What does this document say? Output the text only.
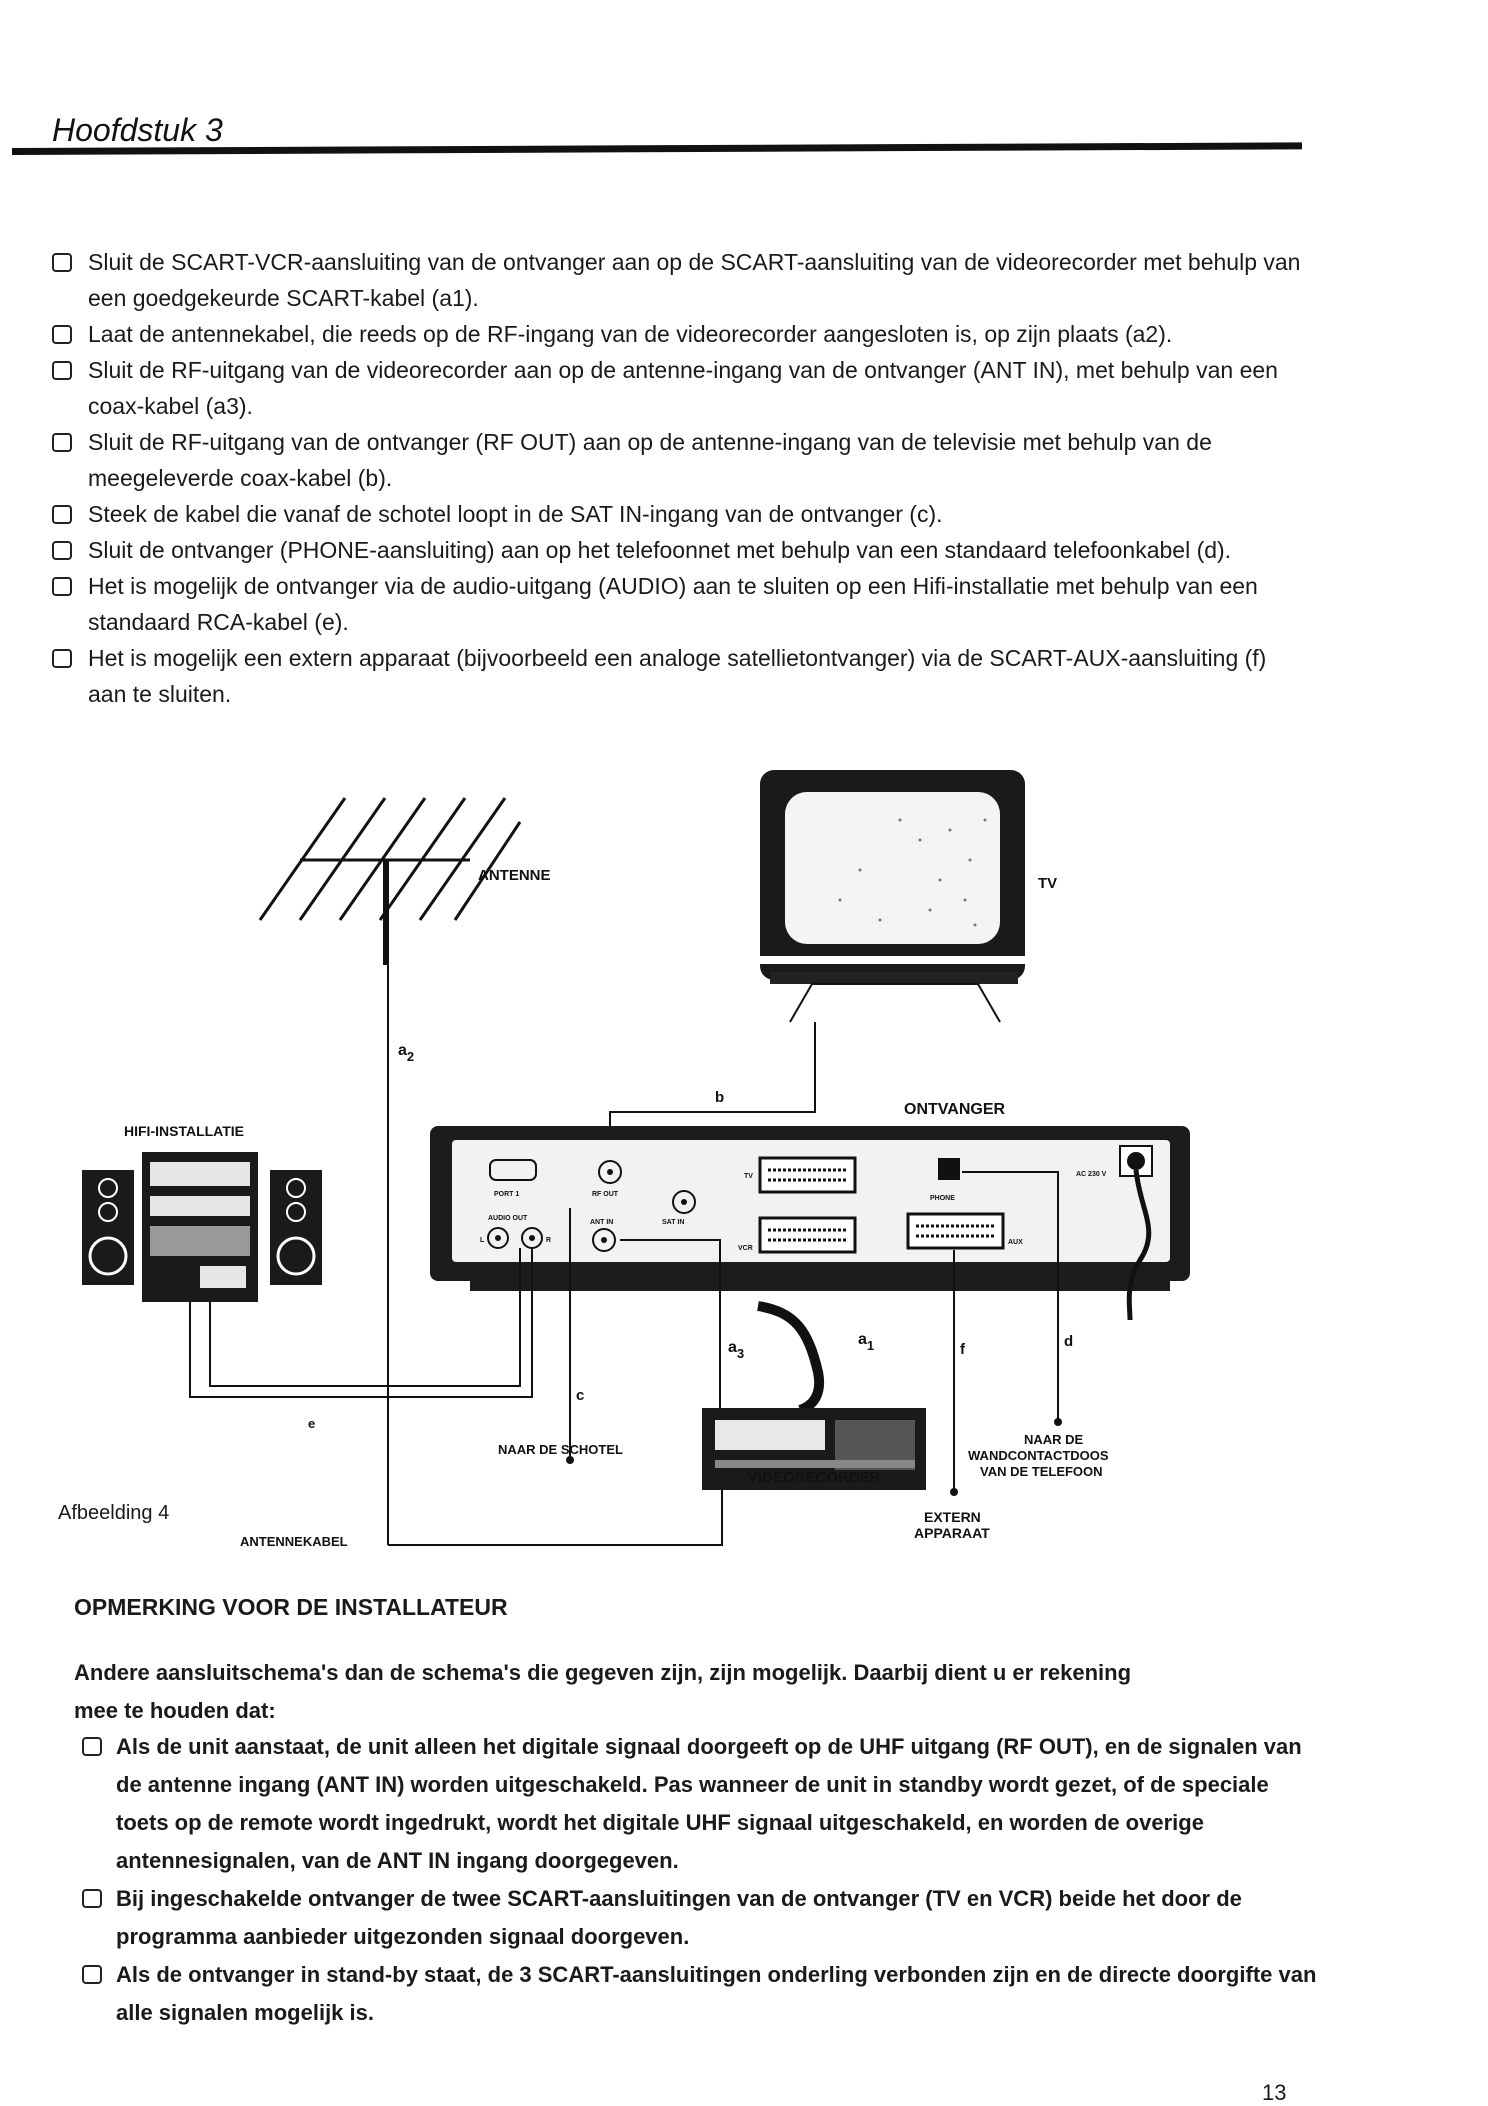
Hoofdstuk 3
Sluit de SCART-VCR-aansluiting van de ontvanger aan op de SCART-aansluiting van de videorecorder met behulp van een goedgekeurde SCART-kabel (a1).
Laat de antennekabel, die reeds op de RF-ingang van de videorecorder aangesloten is, op zijn plaats (a2).
Sluit de RF-uitgang van de videorecorder aan op de antenne-ingang van de ontvanger (ANT IN), met behulp van een coax-kabel (a3).
Sluit de RF-uitgang van de ontvanger (RF OUT) aan op de antenne-ingang van de televisie met behulp van de meegeleverde coax-kabel (b).
Steek de kabel die vanaf de schotel loopt in de SAT IN-ingang van de ontvanger (c).
Sluit de ontvanger (PHONE-aansluiting) aan op het telefoonnet met behulp van een standaard telefoonkabel (d).
Het is mogelijk de ontvanger via de audio-uitgang (AUDIO) aan te sluiten op een Hifi-installatie met behulp van een standaard RCA-kabel (e).
Het is mogelijk een extern apparaat (bijvoorbeeld een analoge satellietontvanger) via de SCART-AUX-aansluiting (f) aan te sluiten.
ANTENNE
$a_2$
TV
b
ONTVANGER
PORT 1	RF OUT
ANT IN	SAT IN
AUDIO OUT
L	R
TV
VCR
PHONE
AUX
AC 230 V
HIFI-INSTALLATIE
e
c
NAAR DE SCHOTEL
$a_3$
$a_1$
VIDEORECORDER
f
EXTERN
APPARAAT
d
NAAR DE
WANDCONTACTDOOS
VAN DE TELEFOON
ANTENNEKABEL
Afbeelding 4
OPMERKING VOOR DE INSTALLATEUR
Andere aansluitschema's dan de schema's die gegeven zijn, zijn mogelijk. Daarbij dient u er rekening mee te houden dat:
Als de unit aanstaat, de unit alleen het digitale signaal doorgeeft op de UHF uitgang (RF OUT), en de signalen van de antenne ingang (ANT IN) worden uitgeschakeld. Pas wanneer de unit in standby wordt gezet, of de speciale toets op de remote wordt ingedrukt, wordt het digitale UHF signaal uitgeschakeld, en worden de overige antennesignalen, van de ANT IN ingang doorgegeven.
Bij ingeschakelde ontvanger de twee SCART-aansluitingen van de ontvanger (TV en VCR) beide het door de programma aanbieder uitgezonden signaal doorgeven.
Als de ontvanger in stand-by staat, de 3 SCART-aansluitingen onderling verbonden zijn en de directe doorgifte van alle signalen mogelijk is.
13
